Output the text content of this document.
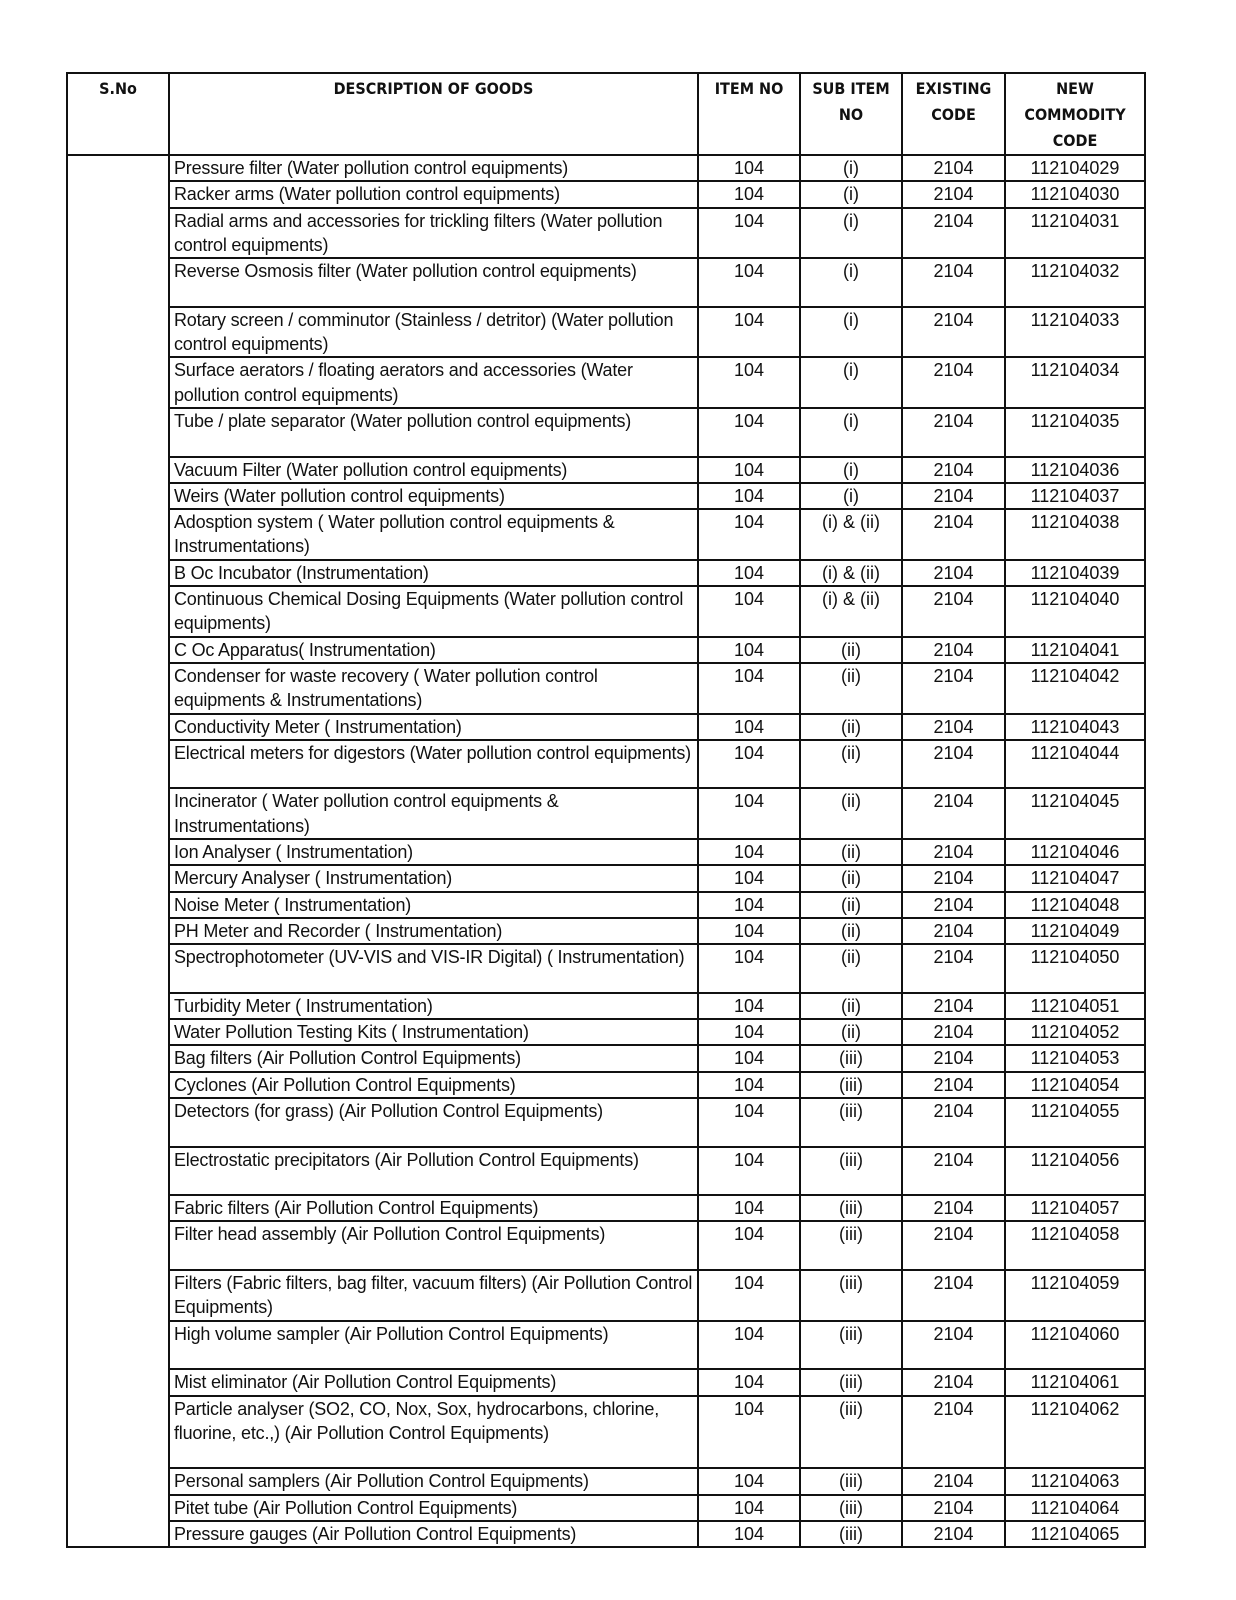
S.No	DESCRIPTION OF GOODS	ITEM NO	SUB ITEM NO	EXISTING CODE	NEW COMMODITY CODE
	Pressure filter (Water pollution control equipments)	104	(i)	2104	112104029
	Racker arms (Water pollution control equipments)	104	(i)	2104	112104030
	Radial arms and accessories for trickling filters (Water pollution control equipments)	104	(i)	2104	112104031
	Reverse Osmosis filter (Water pollution control equipments)	104	(i)	2104	112104032
	Rotary screen / comminutor (Stainless / detritor) (Water pollution control equipments)	104	(i)	2104	112104033
	Surface aerators / floating aerators and accessories (Water pollution control equipments)	104	(i)	2104	112104034
	Tube / plate separator (Water pollution control equipments)	104	(i)	2104	112104035
	Vacuum Filter (Water pollution control equipments)	104	(i)	2104	112104036
	Weirs (Water pollution control equipments)	104	(i)	2104	112104037
	Adosption system ( Water pollution control equipments & Instrumentations)	104	(i) & (ii)	2104	112104038
	B Oc Incubator (Instrumentation)	104	(i) & (ii)	2104	112104039
	Continuous Chemical Dosing Equipments (Water pollution control equipments)	104	(i) & (ii)	2104	112104040
	C Oc Apparatus( Instrumentation)	104	(ii)	2104	112104041
	Condenser for waste recovery ( Water pollution control equipments & Instrumentations)	104	(ii)	2104	112104042
	Conductivity Meter ( Instrumentation)	104	(ii)	2104	112104043
	Electrical meters for digestors (Water pollution control equipments)	104	(ii)	2104	112104044
	Incinerator ( Water pollution control equipments & Instrumentations)	104	(ii)	2104	112104045
	Ion Analyser ( Instrumentation)	104	(ii)	2104	112104046
	Mercury Analyser ( Instrumentation)	104	(ii)	2104	112104047
	Noise Meter ( Instrumentation)	104	(ii)	2104	112104048
	PH Meter and Recorder ( Instrumentation)	104	(ii)	2104	112104049
	Spectrophotometer (UV-VIS and VIS-IR Digital) ( Instrumentation)	104	(ii)	2104	112104050
	Turbidity Meter ( Instrumentation)	104	(ii)	2104	112104051
	Water Pollution Testing Kits ( Instrumentation)	104	(ii)	2104	112104052
	Bag filters (Air Pollution Control Equipments)	104	(iii)	2104	112104053
	Cyclones (Air Pollution Control Equipments)	104	(iii)	2104	112104054
	Detectors (for grass) (Air Pollution Control Equipments)	104	(iii)	2104	112104055
	Electrostatic precipitators (Air Pollution Control Equipments)	104	(iii)	2104	112104056
	Fabric filters (Air Pollution Control Equipments)	104	(iii)	2104	112104057
	Filter head assembly (Air Pollution Control Equipments)	104	(iii)	2104	112104058
	Filters (Fabric filters, bag filter, vacuum filters) (Air Pollution Control Equipments)	104	(iii)	2104	112104059
	High volume sampler (Air Pollution Control Equipments)	104	(iii)	2104	112104060
	Mist eliminator (Air Pollution Control Equipments)	104	(iii)	2104	112104061
	Particle analyser (SO2, CO, Nox, Sox, hydrocarbons, chlorine, fluorine, etc.,) (Air Pollution Control Equipments)	104	(iii)	2104	112104062
	Personal samplers (Air Pollution Control Equipments)	104	(iii)	2104	112104063
	Pitet tube (Air Pollution Control Equipments)	104	(iii)	2104	112104064
	Pressure gauges (Air Pollution Control Equipments)	104	(iii)	2104	112104065
